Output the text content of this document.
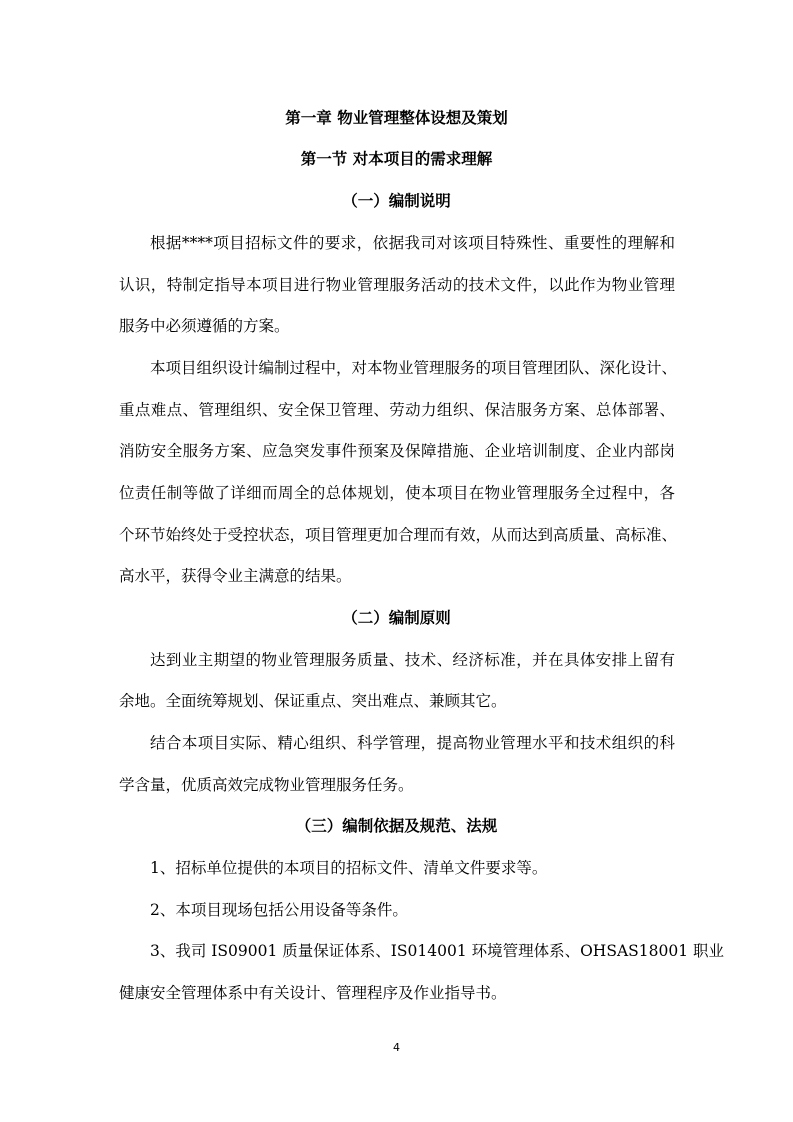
第一章 物业管理整体设想及策划
第一节 对本项目的需求理解
（一）编制说明
根据****项目招标文件的要求，依据我司对该项目特殊性、重要性的理解和
认识，特制定指导本项目进行物业管理服务活动的技术文件，以此作为物业管理
服务中必须遵循的方案。
本项目组织设计编制过程中，对本物业管理服务的项目管理团队、深化设计、
重点难点、管理组织、安全保卫管理、劳动力组织、保洁服务方案、总体部署、
消防安全服务方案、应急突发事件预案及保障措施、企业培训制度、企业内部岗
位责任制等做了详细而周全的总体规划，使本项目在物业管理服务全过程中，各
个环节始终处于受控状态，项目管理更加合理而有效，从而达到高质量、高标准、
高水平，获得令业主满意的结果。
（二）编制原则
达到业主期望的物业管理服务质量、技术、经济标准，并在具体安排上留有
余地。全面统筹规划、保证重点、突出难点、兼顾其它。
结合本项目实际、精心组织、科学管理，提高物业管理水平和技术组织的科
学含量，优质高效完成物业管理服务任务。
（三）编制依据及规范、法规
1、招标单位提供的本项目的招标文件、清单文件要求等。
2、本项目现场包括公用设备等条件。
3、我司 IS09001 质量保证体系、IS014001 环境管理体系、OHSAS18001 职业
健康安全管理体系中有关设计、管理程序及作业指导书。
4
